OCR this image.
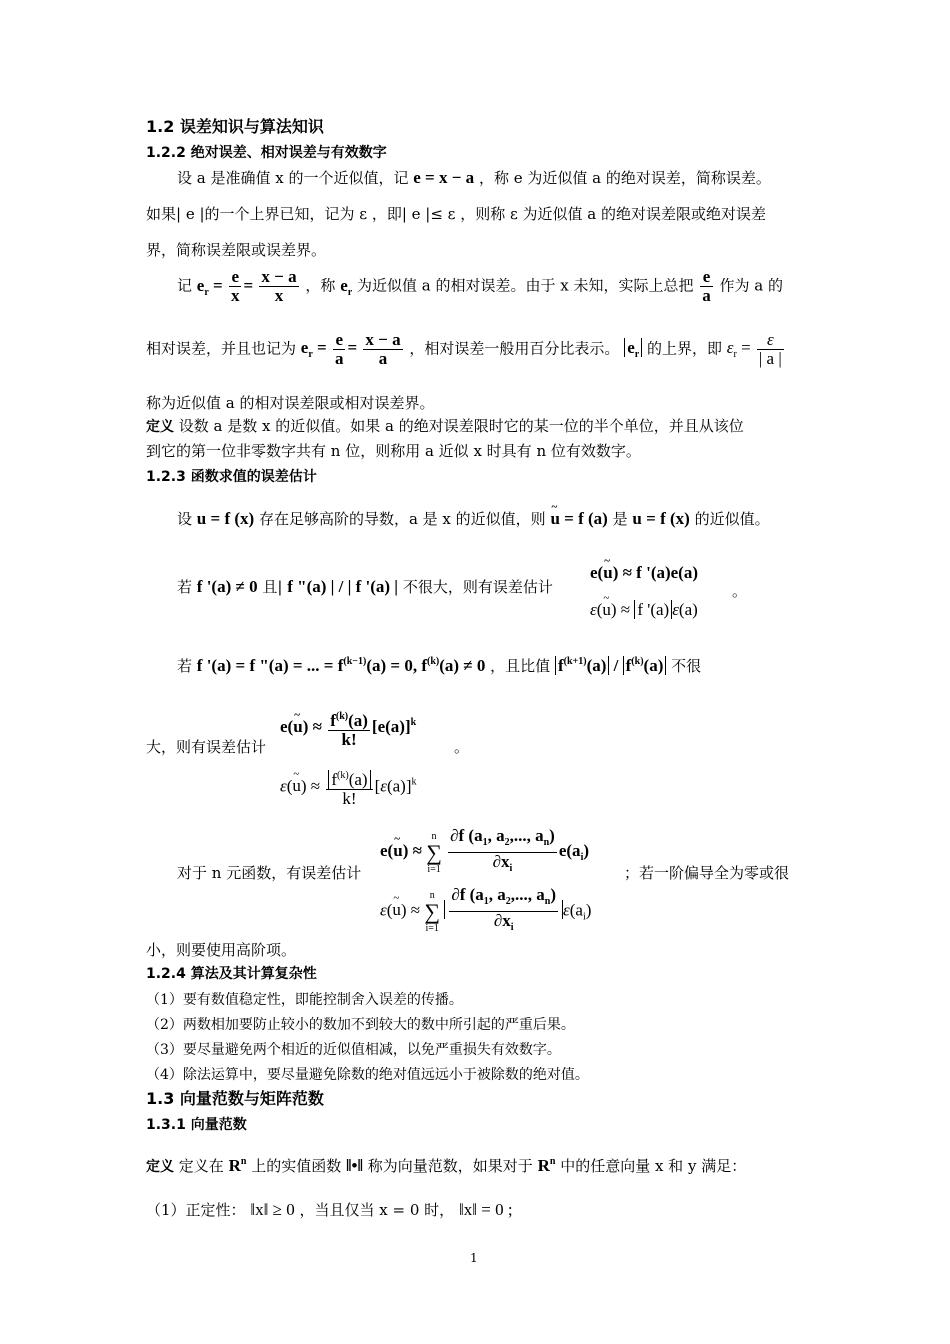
1.2 误差知识与算法知识
1.2.2 绝对误差、相对误差与有效数字
设 a 是准确值 x 的一个近似值，记 e = x − a ，称 e 为近似值 a 的绝对误差，简称误差。
如果| e |的一个上界已知，记为 ε ，即| e |≤ ε ，则称 ε 为近似值 a 的绝对误差限或绝对误差
界，简称误差限或误差界。
记 $e_r = \frac{e}{x} = \frac{x - a}{x}$ ，称 $e_r$ 为近似值 a 的相对误差。由于 x 未知，实际上总把 $\frac{e}{a}$ 作为 a 的
相对误差，并且也记为 $e_r = \frac{e}{a} = \frac{x - a}{a}$ ，相对误差一般用百分比表示。 $e_r$ 的上界，即 $\varepsilon_r = \frac{\varepsilon}{| a |}$
称为近似值 a 的相对误差限或相对误差界。
定义 设数 a 是数 x 的近似值。如果 a 的绝对误差限时它的某一位的半个单位，并且从该位
到它的第一位非零数字共有 n 位，则称用 a 近似 x 时具有 n 位有效数字。
1.2.3 函数求值的误差估计
设 u = f (x) 存在足够高阶的导数，a 是 x 的近似值，则 ~ u = f (a) 是 u = f (x) 的近似值。
若 f '(a) ≠ 0 且| f "(a) | / | f '(a) | 不很大，则有误差估计
e(~ u) ≈ f '(a)e(a)
ε(~ u) ≈ f '(a) ε(a)
。
若 f '(a) = f "(a) = ... = $f^{(k-1)}(a) = 0$, $f^{(k)}(a) \ne 0$ ，且比值 $f^{(k+1)}(a) / f^{(k)}(a)$ 不很
e(~ $u) \approx \frac{f^{(k)}(a)}{k!} [e(a)]^k$
大，则有误差估计	。
ε(~ $u) \approx \frac{f^{(k)}(a)}{k!} [\varepsilon(a)]^k$
e(~ u) ≈ n
∑
$i=1 \frac{\partial f (a_1, a_2,..., a_n)}{\partial x_i} e(a_i)$
对于 n 元函数，有误差估计	；若一阶偏导全为零或很
ε(~ u) ≈ n
∑
$i=1 \frac{\partial f (a_1, a_2,..., a_n)}{\partial x_i} \varepsilon(a_i)$
小，则要使用高阶项。
1.2.4 算法及其计算复杂性
（1）要有数值稳定性，即能控制舍入误差的传播。
（2）两数相加要防止较小的数加不到较大的数中所引起的严重后果。
（3）要尽量避免两个相近的近似值相减，以免严重损失有效数字。
（4）除法运算中，要尽量避免除数的绝对值远远小于被除数的绝对值。
1.3 向量范数与矩阵范数
1.3.1 向量范数
定义 定义在 $R^n$ 上的实值函数 ‖•‖ 称为向量范数，如果对于 $R^n$ 中的任意向量 x 和 y 满足：
（1）正定性： ‖x‖ ≥ 0 ，当且仅当 x = 0 时， ‖x‖ = 0 ;
1
